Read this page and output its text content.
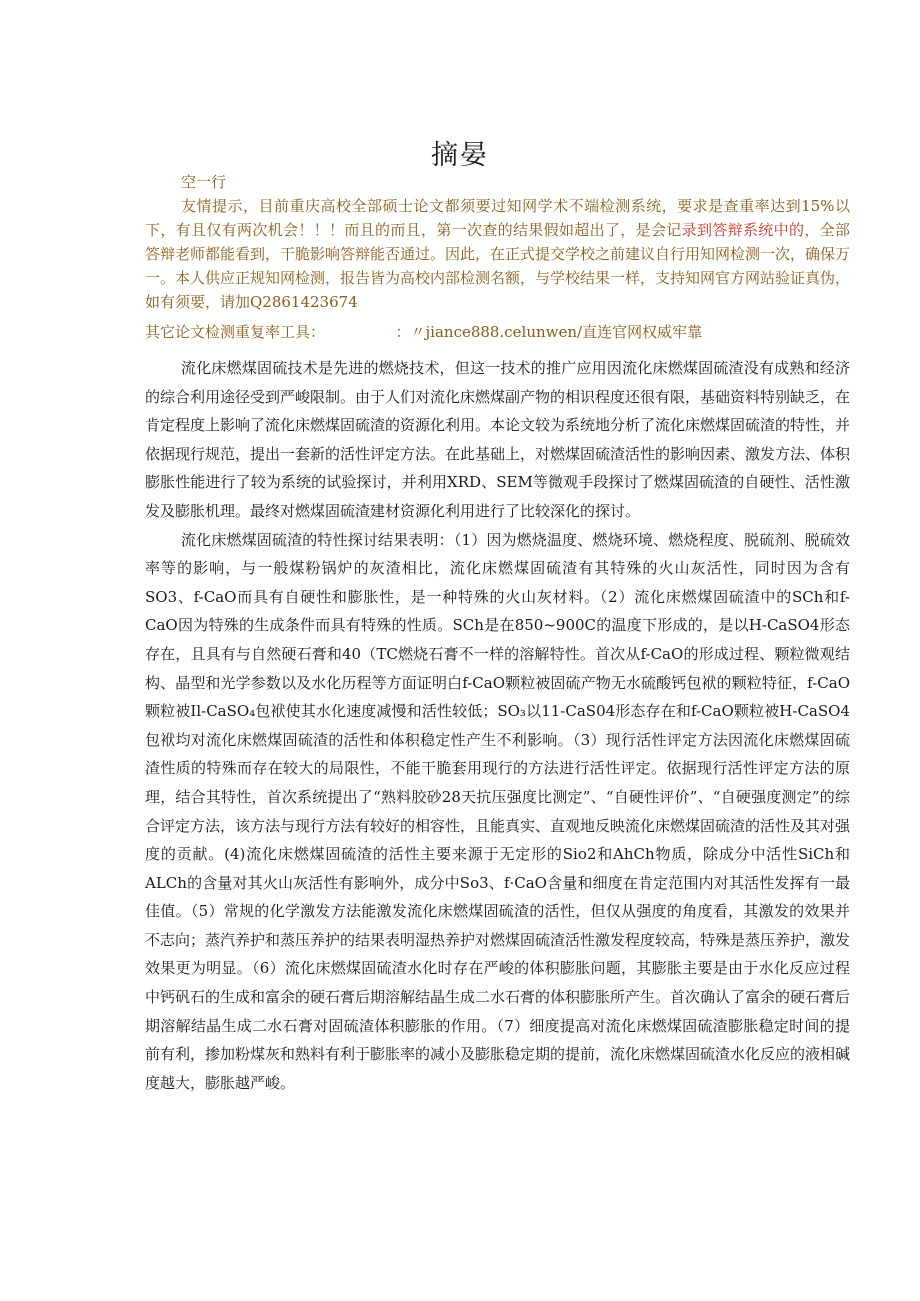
摘晏
空一行
友情提示，目前重庆高校全部硕士论文都须要过知网学术不端检测系统，要求是查重率达到15%以下，有且仅有两次机会！！！而且的而且，第一次查的结果假如超出了，是会记录到答辩系统中的，全部答辩老师都能看到，干脆影响答辩能否通过。因此，在正式提交学校之前建议自行用知网检测一次，确保万一。本人供应正规知网检测，报告皆为高校内部检测名额，与学校结果一样，支持知网官方网站验证真伪，如有须要，请加Q2861423674
其它论文检测重复率工具：	：〃jiance888.celunwen/直连官网权威牢靠

流化床燃煤固硫技术是先进的燃烧技术，但这一技术的推广应用因流化床燃煤固硫渣没有成熟和经济的综合利用途径受到严峻限制。由于人们对流化床燃煤副产物的相识程度还很有限，基础资料特别缺乏，在肯定程度上影响了流化床燃煤固硫渣的资源化利用。本论文较为系统地分析了流化床燃煤固硫渣的特性，并依据现行规范，提出一套新的活性评定方法。在此基础上，对燃煤固硫渣活性的影响因素、激发方法、体积膨胀性能进行了较为系统的试验探讨，并利用XRD、SEM等微观手段探讨了燃煤固硫渣的自硬性、活性激发及膨胀机理。最终对燃煤固硫渣建材资源化利用进行了比较深化的探讨。

流化床燃煤固硫渣的特性探讨结果表明：（1）因为燃烧温度、燃烧环境、燃烧程度、脱硫剂、脱硫效率等的影响，与一般煤粉锅炉的灰渣相比，流化床燃煤固硫渣有其特殊的火山灰活性，同时因为含有SO3、f-CaO而具有自硬性和膨胀性，是一种特殊的火山灰材料。（2）流化床燃煤固硫渣中的SCh和f-CaO因为特殊的生成条件而具有特殊的性质。SCh是在850~900C的温度下形成的，是以H-CaSO4形态存在，且具有与自然硬石膏和40（TC燃烧石膏不一样的溶解特性。首次从f-CaO的形成过程、颗粒微观结构、晶型和光学参数以及水化历程等方面证明白f-CaO颗粒被固硫产物无水硫酸钙包袱的颗粒特征，f-CaO颗粒被Il-CaSO₄包袱使其水化速度减慢和活性较低；SO₃以11-CaS04形态存在和f-CaO颗粒被H-CaSO4包袱均对流化床燃煤固硫渣的活性和体积稳定性产生不利影响。（3）现行活性评定方法因流化床燃煤固硫渣性质的特殊而存在较大的局限性，不能干脆套用现行的方法进行活性评定。依据现行活性评定方法的原理，结合其特性，首次系统提出了“熟料胶砂28天抗压强度比测定”、“自硬性评价”、“自硬强度测定”的综合评定方法，该方法与现行方法有较好的相容性，且能真实、直观地反映流化床燃煤固硫渣的活性及其对强度的贡献。(4)流化床燃煤固硫渣的活性主要来源于无定形的Sio2和AhCh物质，除成分中活性SiCh和ALCh的含量对其火山灰活性有影响外，成分中So3、f·CaO含量和细度在肯定范围内对其活性发挥有一最佳值。（5）常规的化学激发方法能激发流化床燃煤固硫渣的活性，但仅从强度的角度看，其激发的效果并不志向；蒸汽养护和蒸压养护的结果表明湿热养护对燃煤固硫渣活性激发程度较高，特殊是蒸压养护，激发效果更为明显。（6）流化床燃煤固硫渣水化时存在严峻的体积膨胀问题，其膨胀主要是由于水化反应过程中钙矾石的生成和富余的硬石膏后期溶解结晶生成二水石膏的体积膨胀所产生。首次确认了富余的硬石膏后期溶解结晶生成二水石膏对固硫渣体积膨胀的作用。（7）细度提高对流化床燃煤固硫渣膨胀稳定时间的提前有利，掺加粉煤灰和熟料有利于膨胀率的减小及膨胀稳定期的提前，流化床燃煤固硫渣水化反应的液相碱度越大，膨胀越严峻。
